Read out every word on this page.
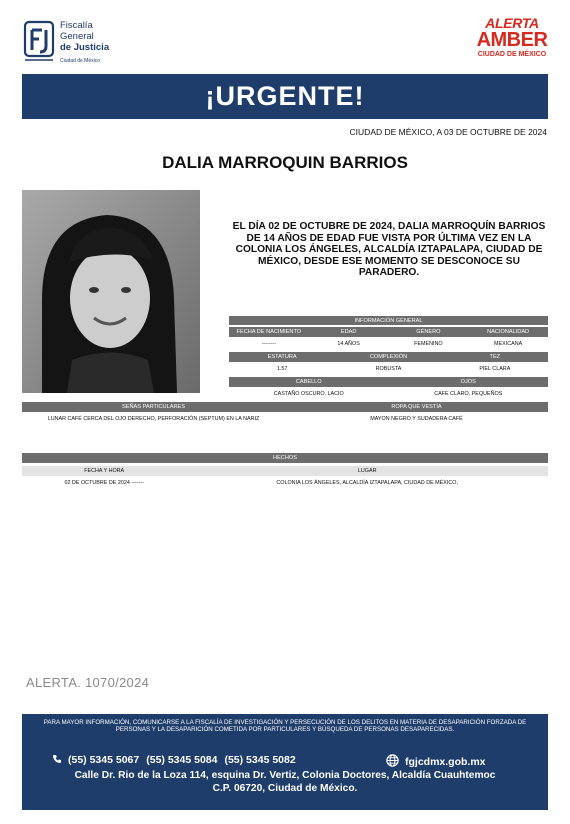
Fiscalía
General
de Justicia
Ciudad de México
ALERTA
AMBER
CIUDAD DE MÉXICO
¡URGENTE!
CIUDAD DE MÉXICO, A 03 DE OCTUBRE DE 2024
DALIA MARROQUIN BARRIOS
EL DÍA 02 DE OCTUBRE DE 2024, DALIA MARROQUÍN BARRIOS DE 14 AÑOS DE EDAD FUE VISTA POR ÚLTIMA VEZ EN LA COLONIA LOS ÁNGELES, ALCALDÍA IZTAPALAPA, CIUDAD DE MÉXICO, DESDE ESE MOMENTO SE DESCONOCE SU PARADERO.
INFORMACIÓN GENERAL
FECHA DE NACIMIENTO	EDAD	GÉNERO	NACIONALIDAD
--------	14 AÑOS	FEMENINO	MEXICANA
ESTATURA	COMPLEXIÓN	TEZ
1.57	ROBUSTA	PIEL CLARA
CABELLO	OJOS
CASTAÑO OSCURO, LACIO	CAFE CLARO, PEQUEÑOS
SEÑAS PARTICULARES	ROPA QUE VESTÍA
LUNAR CAFÉ CERCA DEL OJO DERECHO, PERFORACIÓN (SEPTUM) EN LA NARIZ	MAYON NEGRO Y SUDADERA CAFÉ
HECHOS
FECHA Y HORA	LUGAR
02 DE OCTUBRE DE 2024 -------	COLONIA LOS ÁNGELES, ALCALDÍA IZTAPALAPA, CIUDAD DE MÉXICO,
ALERTA. 1070/2024
PARA MAYOR INFORMACIÓN, COMUNICARSE A LA FISCALÍA DE INVESTIGACIÓN Y PERSECUCIÓN DE LOS DELITOS EN MATERIA DE DESAPARICIÓN FORZADA DE PERSONAS Y LA DESAPARICIÓN COMETIDA POR PARTICULARES Y BÚSQUEDA DE PERSONAS DESAPARECIDAS.
(55) 5345 5067 (55) 5345 5084 (55) 5345 5082	fgjcdmx.gob.mx
Calle Dr. Rio de la Loza 114, esquina Dr. Vertiz, Colonia Doctores, Alcaldía Cuauhtemoc
C.P. 06720, Ciudad de México.
